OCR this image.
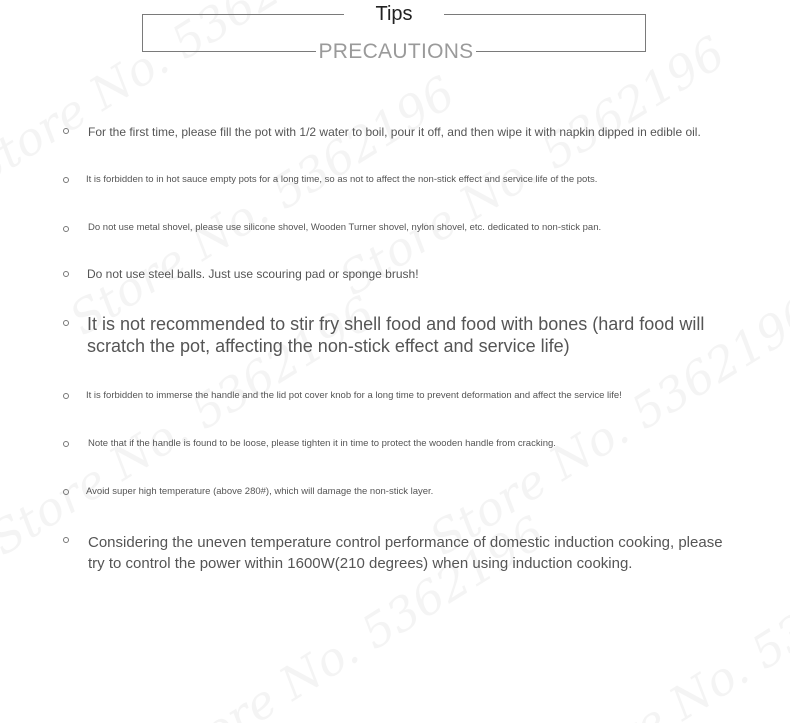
Tips
PRECAUTIONS
For the first time, please fill the pot with 1/2 water to boil, pour it off, and then wipe it with napkin dipped in edible oil.
It is forbidden to in hot sauce empty pots for a long time, so as not to affect the non-stick effect and service life of the pots.
Do not use metal shovel, please use silicone shovel, Wooden Turner shovel, nylon shovel, etc. dedicated to non-stick pan.
Do not use steel balls. Just use scouring pad or sponge brush!
It is not recommended to stir fry shell food and food with bones (hard food will scratch the pot, affecting the non-stick effect and service life)
It is forbidden to immerse the handle and the lid pot cover knob for a long time to prevent deformation and affect the service life!
Note that if the handle is found to be loose, please tighten it in time to protect the wooden handle from cracking.
Avoid super high temperature (above 280#), which will damage the non-stick layer.
Considering the uneven temperature control performance of domestic induction cooking, please try to control the power within 1600W(210 degrees) when using induction cooking.
